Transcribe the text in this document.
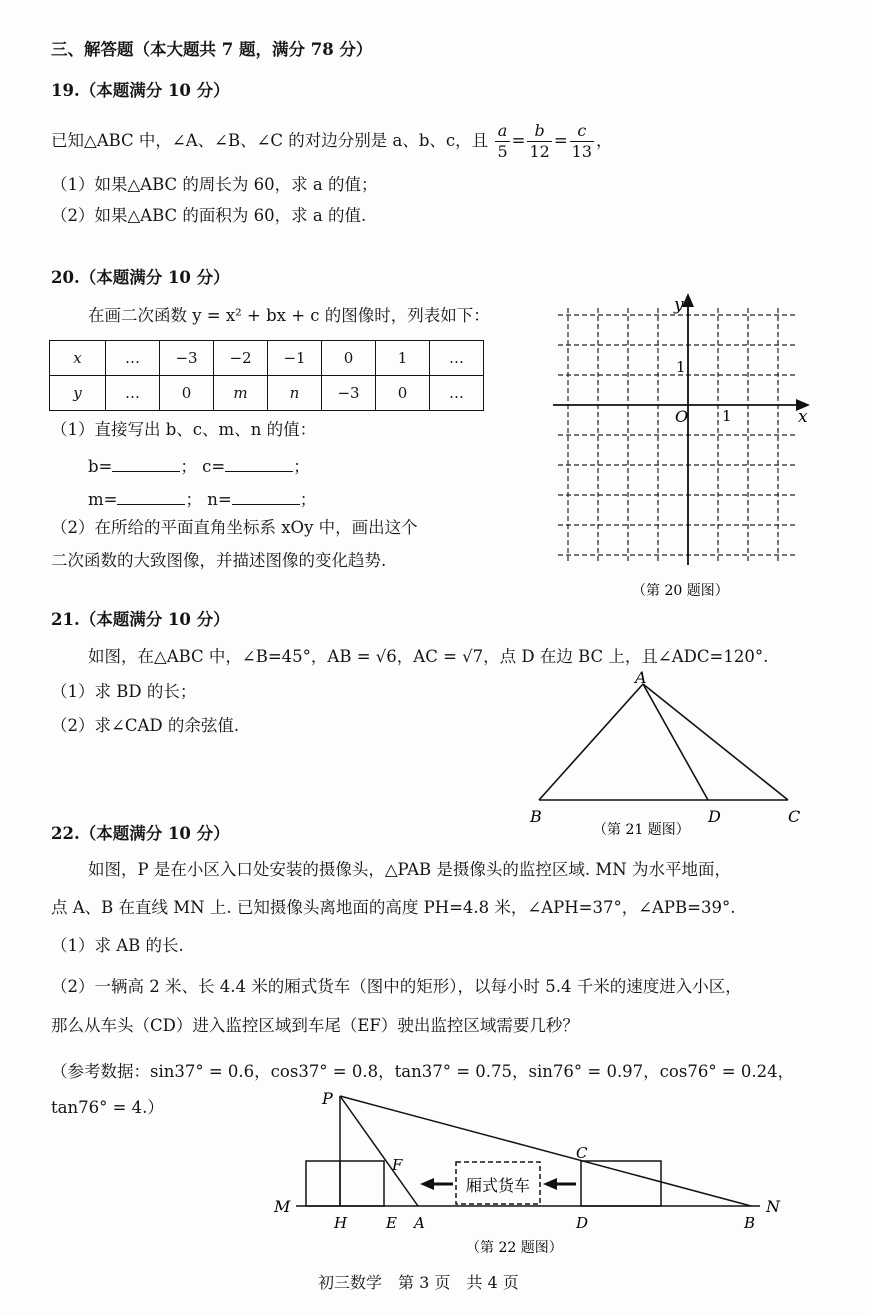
三、解答题（本大题共 7 题，满分 78 分）
19.（本题满分 10 分）
已知△ABC 中，∠A、∠B、∠C 的对边分别是 a、b、c，且 $\frac{a}{5} = \frac{b}{12} = \frac{c}{13}$ ，
（1）如果△ABC 的周长为 60，求 a 的值；
（2）如果△ABC 的面积为 60，求 a 的值.
20.（本题满分 10 分）
在画二次函数 y = x² + bx + c 的图像时，列表如下：
x	…	−3	−2	−1	0	1	…
y	…	0	m	n	−3	0	…
（1）直接写出 b、c、m、n 的值：
b=	； c=	；
m=	； n=	；
（2）在所给的平面直角坐标系 xOy 中，画出这个
二次函数的大致图像，并描述图像的变化趋势.
y
x
O 1
1
（第 20 题图）
21.（本题满分 10 分）
如图，在△ABC 中，∠B=45°，AB = √6，AC = √7，点 D 在边 BC 上，且∠ADC=120°.
（1）求 BD 的长；
（2）求∠CAD 的余弦值.
A
B	C
D
（第 21 题图）
22.（本题满分 10 分）
如图，P 是在小区入口处安装的摄像头，△PAB 是摄像头的监控区域. MN 为水平地面，
点 A、B 在直线 MN 上. 已知摄像头离地面的高度 PH=4.8 米，∠APH=37°，∠APB=39°.
（1）求 AB 的长.
（2）一辆高 2 米、长 4.4 米的厢式货车（图中的矩形），以每小时 5.4 千米的速度进入小区，
那么从车头（CD）进入监控区域到车尾（EF）驶出监控区域需要几秒？
（参考数据：sin37° = 0.6，cos37° = 0.8，tan37° = 0.75，sin76° = 0.97，cos76° = 0.24，
tan76° = 4.）
厢式货车
P
F
C
M
H	E A	D	B
N
（第 22 题图）
初三数学　第 3 页　共 4 页
